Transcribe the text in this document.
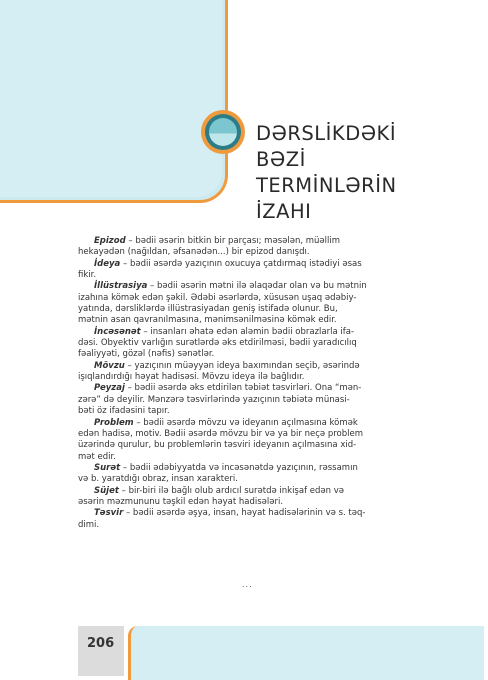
DƏRSLİKDƏKİ
BƏZİ
TERMİNLƏRİN
İZAHI
Epizod – bədii əsərin bitkin bir parçası; məsələn, müəllim
hekayədən (nağıldan, əfsanədən...) bir epizod danışdı.
İdeya – bədii əsərdə yazıçının oxucuya çatdırmaq istədiyi əsas
fikir.
İllüstrasiya – bədii əsərin mətni ilə əlaqədar olan və bu mətnin
izahına kömək edən şəkil. Ədəbi əsərlərdə, xüsusən uşaq ədəbiy-
yatında, dərsliklərdə illüstrasiyadan geniş istifadə olunur. Bu,
mətnin asan qavranılmasına, mənimsənilməsinə kömək edir.
İncəsənət – insanları əhatə edən aləmin bədii obrazlarla ifa-
dəsi. Obyektiv varlığın surətlərdə əks etdirilməsi, bədii yaradıcılıq
fəaliyyəti, gözəl (nəfis) sənətlər.
Mövzu – yazıçının müəyyən ideya baxımından seçib, əsərində
işıqlandırdığı həyat hadisəsi. Mövzu ideya ilə bağlıdır.
Peyzaj – bədii əsərdə əks etdirilən təbiət təsvirləri. Ona “mən-
zərə” də deyilir. Mənzərə təsvirlərində yazıçının təbiətə münasi-
bəti öz ifadəsini tapır.
Problem – bədii əsərdə mövzu və ideyanın açılmasına kömək
edən hadisə, motiv. Bədii əsərdə mövzu bir və ya bir neçə problem
üzərində qurulur, bu problemlərin təsviri ideyanın açılmasına xid-
mət edir.
Surət – bədii ədəbiyyatda və incəsənətdə yazıçının, rəssamın
və b. yaratdığı obraz, insan xarakteri.
Süjet – bir-biri ilə bağlı olub ardıcıl surətdə inkişaf edən və
əsərin məzmununu təşkil edən həyat hadisələri.
Təsvir – bədii əsərdə əşya, insan, həyat hadisələrinin və s. təq-
dimi.
...
206
